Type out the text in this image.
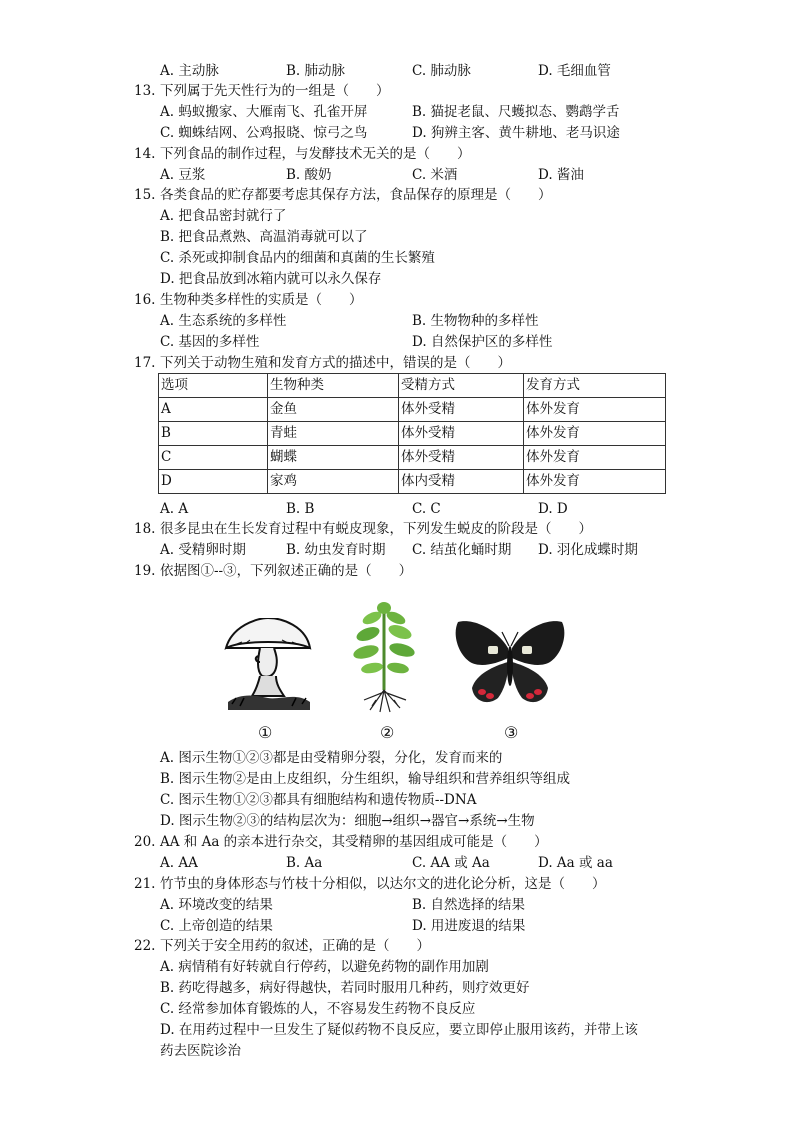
A. 主动脉	B. 肺动脉	C. 肺动脉	D. 毛细血管
13. 下列属于先天性行为的一组是（　　）
A. 蚂蚁搬家、大雁南飞、孔雀开屏	B. 猫捉老鼠、尺蠖拟态、鹦鹉学舌
C. 蜘蛛结网、公鸡报晓、惊弓之鸟	D. 狗辨主客、黄牛耕地、老马识途
14. 下列食品的制作过程，与发酵技术无关的是（　　）
A. 豆浆	B. 酸奶	C. 米酒	D. 酱油
15. 各类食品的贮存都要考虑其保存方法，食品保存的原理是（　　）
A. 把食品密封就行了
B. 把食品煮熟、高温消毒就可以了
C. 杀死或抑制食品内的细菌和真菌的生长繁殖
D. 把食品放到冰箱内就可以永久保存
16. 生物种类多样性的实质是（　　）
A. 生态系统的多样性	B. 生物物种的多样性
C. 基因的多样性	D. 自然保护区的多样性
17. 下列关于动物生殖和发育方式的描述中，错误的是（　　）
选项	生物种类	受精方式	发育方式
A	金鱼	体外受精	体外发育
B	青蛙	体外受精	体外发育
C	蝴蝶	体外受精	体外发育
D	家鸡	体内受精	体外发育
A. A	B. B	C. C	D. D
18. 很多昆虫在生长发育过程中有蜕皮现象，下列发生蜕皮的阶段是（　　）
A. 受精卵时期	B. 幼虫发育时期 C. 结茧化蛹时期 D. 羽化成蝶时期
19. 依据图①--③，下列叙述正确的是（　　）
①	②	③
A. 图示生物①②③都是由受精卵分裂，分化，发育而来的
B. 图示生物②是由上皮组织，分生组织，输导组织和营养组织等组成
C. 图示生物①②③都具有细胞结构和遗传物质--DNA
D. 图示生物②③的结构层次为：细胞→组织→器官→系统→生物
20. AA 和 Aa 的亲本进行杂交，其受精卵的基因组成可能是（　　）
A. AA	B. Aa	C. AA 或 Aa	D. Aa 或 aa
21. 竹节虫的身体形态与竹枝十分相似，以达尔文的进化论分析，这是（　　）
A. 环境改变的结果	B. 自然选择的结果
C. 上帝创造的结果	D. 用进废退的结果
22. 下列关于安全用药的叙述，正确的是（　　）
A. 病情稍有好转就自行停药，以避免药物的副作用加剧
B. 药吃得越多，病好得越快，若同时服用几种药，则疗效更好
C. 经常参加体育锻炼的人，不容易发生药物不良反应
D. 在用药过程中一旦发生了疑似药物不良反应，要立即停止服用该药，并带上该
药去医院诊治
